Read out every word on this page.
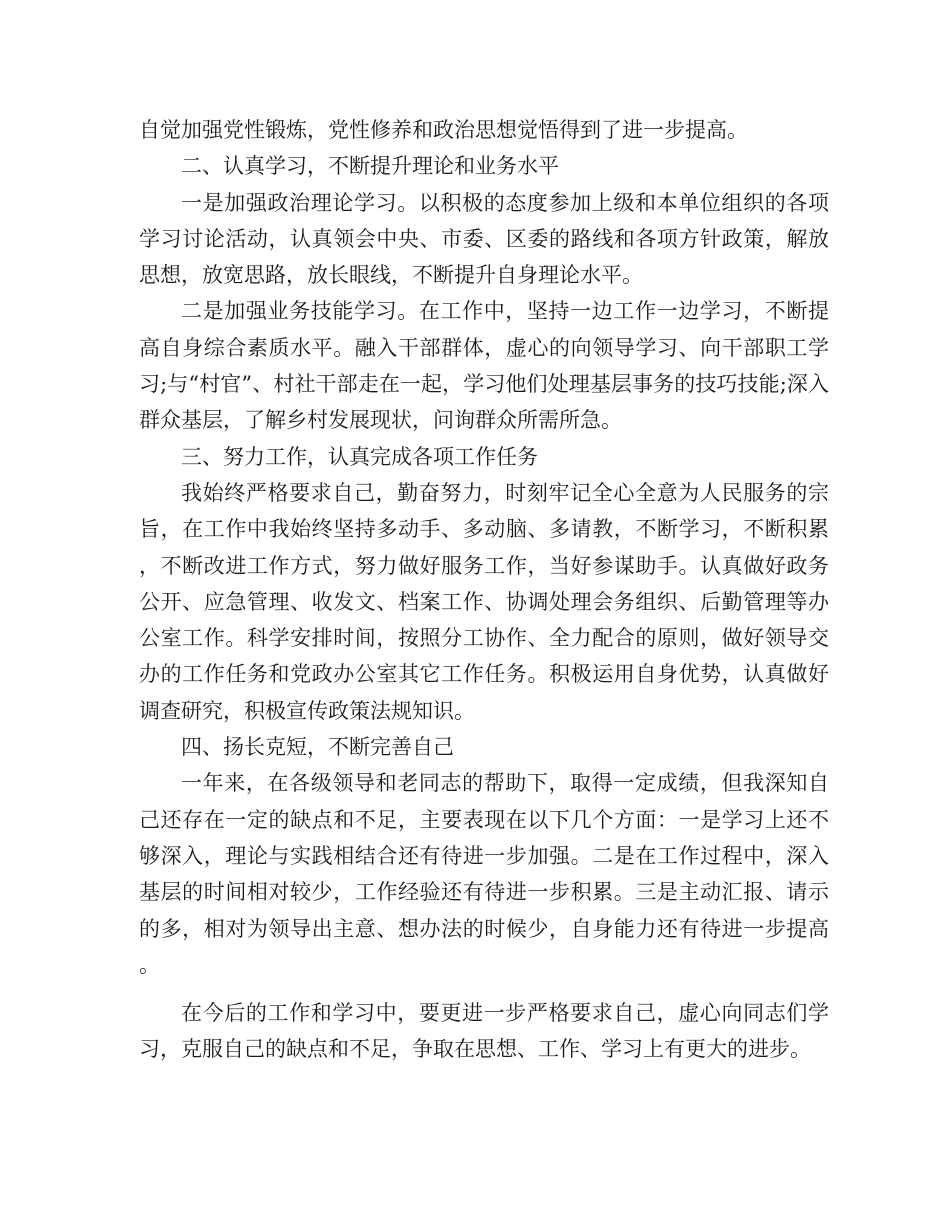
自觉加强党性锻炼，党性修养和政治思想觉悟得到了进一步提高。

二、认真学习，不断提升理论和业务水平

一是加强政治理论学习。以积极的态度参加上级和本单位组织的各项学习讨论活动，认真领会中央、市委、区委的路线和各项方针政策，解放思想，放宽思路，放长眼线，不断提升自身理论水平。

二是加强业务技能学习。在工作中，坚持一边工作一边学习，不断提高自身综合素质水平。融入干部群体，虚心的向领导学习、向干部职工学习;与“村官”、村社干部走在一起，学习他们处理基层事务的技巧技能;深入群众基层，了解乡村发展现状，问询群众所需所急。

三、努力工作，认真完成各项工作任务

我始终严格要求自己，勤奋努力，时刻牢记全心全意为人民服务的宗旨，在工作中我始终坚持多动手、多动脑、多请教，不断学习，不断积累，不断改进工作方式，努力做好服务工作，当好参谋助手。认真做好政务公开、应急管理、收发文、档案工作、协调处理会务组织、后勤管理等办公室工作。科学安排时间，按照分工协作、全力配合的原则，做好领导交办的工作任务和党政办公室其它工作任务。积极运用自身优势，认真做好调查研究，积极宣传政策法规知识。

四、扬长克短，不断完善自己

一年来，在各级领导和老同志的帮助下，取得一定成绩，但我深知自己还存在一定的缺点和不足，主要表现在以下几个方面：一是学习上还不够深入，理论与实践相结合还有待进一步加强。二是在工作过程中，深入基层的时间相对较少，工作经验还有待进一步积累。三是主动汇报、请示的多，相对为领导出主意、想办法的时候少，自身能力还有待进一步提高。

在今后的工作和学习中，要更进一步严格要求自己，虚心向同志们学习，克服自己的缺点和不足，争取在思想、工作、学习上有更大的进步。
